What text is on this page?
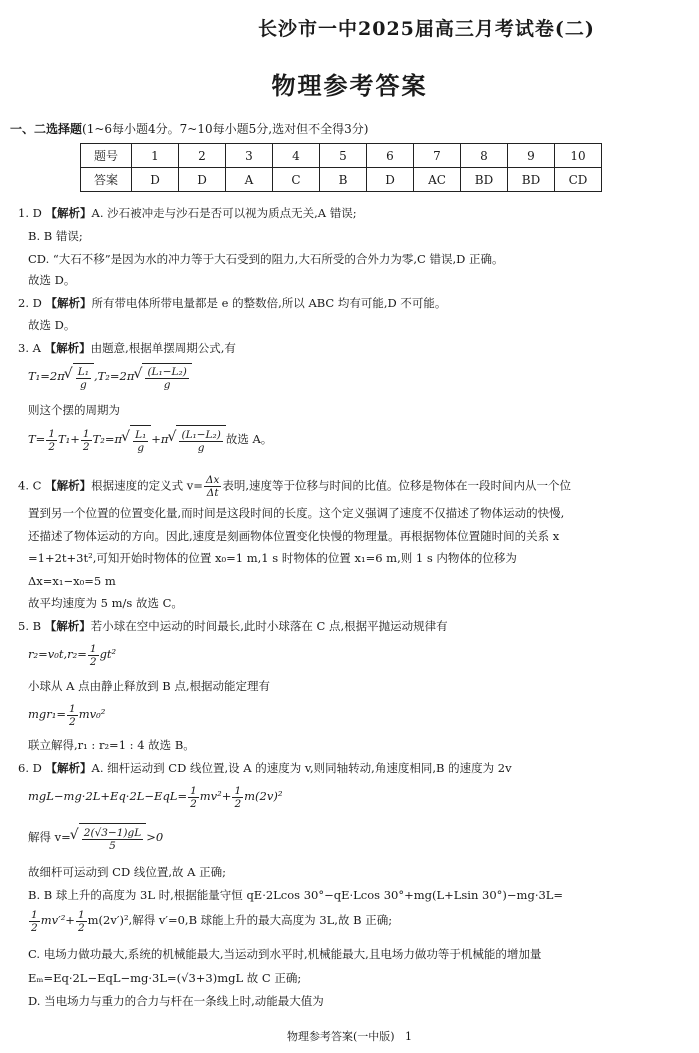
长沙市一中2025届高三月考试卷(二)
物理参考答案
一、二选择题(1~6每小题4分。7~10每小题5分,选对但不全得3分)
题号	1	2	3	4	5	6	7	8	9	10
答案	D	D	A	C	B	D	AC	BD	BD	CD
1. D 【解析】A. 沙石被冲走与沙石是否可以视为质点无关,A 错误;
B. B 错误;
CD. “大石不移”是因为水的冲力等于大石受到的阻力,大石所受的合外力为零,C 错误,D 正确。
故选 D。
2. D 【解析】所有带电体所带电量都是 e 的整数倍,所以 ABC 均有可能,D 不可能。
故选 D。
3. A 【解析】由题意,根据单摆周期公式,有
T₁=2π √ $\frac{\text{L₁}}{g} ,T_2=2\pi$ √ $\frac{\text{(L₁−L₂)}}{g}$
则这个摆的周期为
$T= \frac{1}{2} T_1+ \frac{1}{2} T_2=\pi$ √ $\frac{\text{L₁}}{g} +\pi$ √ $\frac{\text{(L₁−L₂)}}{g}$ 故选 A。
4. C 【解析】根据速度的定义式 $v= \frac{\Delta x}{\Delta t}$ 表明,速度等于位移与时间的比值。位移是物体在一段时间内从一个位
置到另一个位置的位置变化量,而时间是这段时间的长度。这个定义强调了速度不仅描述了物体运动的快慢,
还描述了物体运动的方向。因此,速度是刻画物体位置变化快慢的物理量。再根据物体位置随时间的关系 x
=1+2t+3t²,可知开始时物体的位置 x₀=1 m,1 s 时物体的位置 x₁=6 m,则 1 s 内物体的位移为
Δx=x₁−x₀=5 m
故平均速度为 5 m/s 故选 C。
5. B 【解析】若小球在空中运动的时间最长,此时小球落在 C 点,根据平抛运动规律有
$r_2=v_0t,r_2= \frac{1}{2} gt^2$
小球从 A 点由静止释放到 B 点,根据动能定理有
$mgr_1= \frac{1}{2} mv_0^2$
联立解得,r₁ : r₂=1 : 4 故选 B。
6. D 【解析】A. 细杆运动到 CD 线位置,设 A 的速度为 v,则同轴转动,角速度相同,B 的速度为 2v
$mgL-mg\cdot 2L+Eq\cdot 2L-EqL= \frac{1}{2} mv^2+ \frac{1}{2} m(2v)^2$
解得 v= √ $\frac{2(√3-1)gL}{5} >0$
故细杆可运动到 CD 线位置,故 A 正确;
B. B 球上升的高度为 3L 时,根据能量守恒 qE·2Lcos 30°−qE·Lcos 30°+mg(L+Lsin 30°)−mg·3L=
$\frac{1}{2} mv'^2+ \frac{1}{2} m(2v')^2$,解得 v′=0,B 球能上升的最大高度为 3L,故 B 正确;
C. 电场力做功最大,系统的机械能最大,当运动到水平时,机械能最大,且电场力做功等于机械能的增加量
Eₘ=Eq·2L−EqL−mg·3L=(√3+3)mgL 故 C 正确;
D. 当电场力与重力的合力与杆在一条线上时,动能最大值为
物理参考答案(一中版) 1
